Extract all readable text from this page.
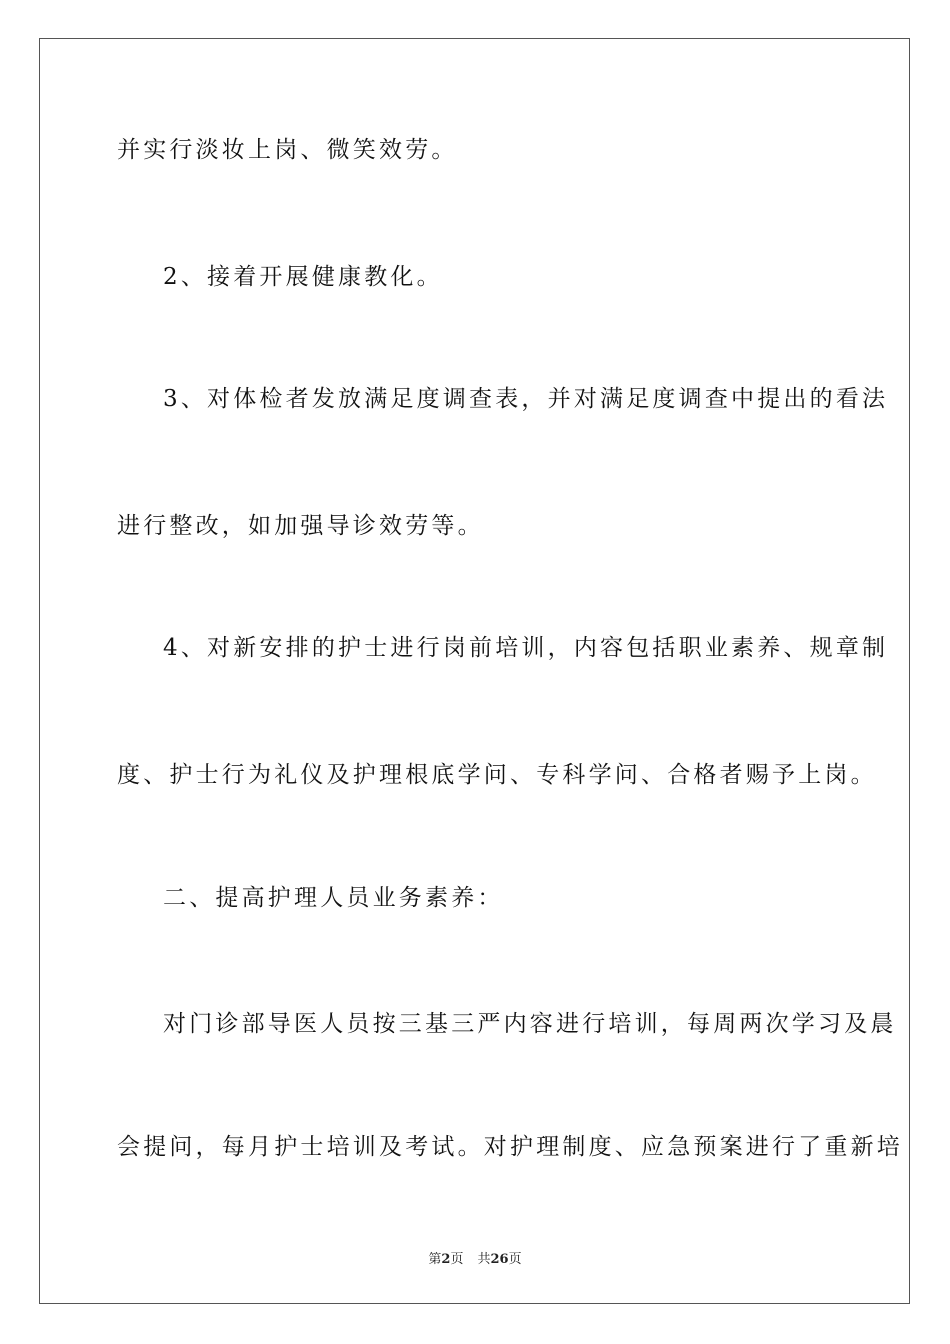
并实行淡妆上岗、微笑效劳。
2、接着开展健康教化。
3、对体检者发放满足度调查表，并对满足度调查中提出的看法
进行整改，如加强导诊效劳等。
4、对新安排的护士进行岗前培训，内容包括职业素养、规章制
度、护士行为礼仪及护理根底学问、专科学问、合格者赐予上岗。
二、提高护理人员业务素养：
对门诊部导医人员按三基三严内容进行培训，每周两次学习及晨
会提问，每月护士培训及考试。对护理制度、应急预案进行了重新培
第2页 共26页
